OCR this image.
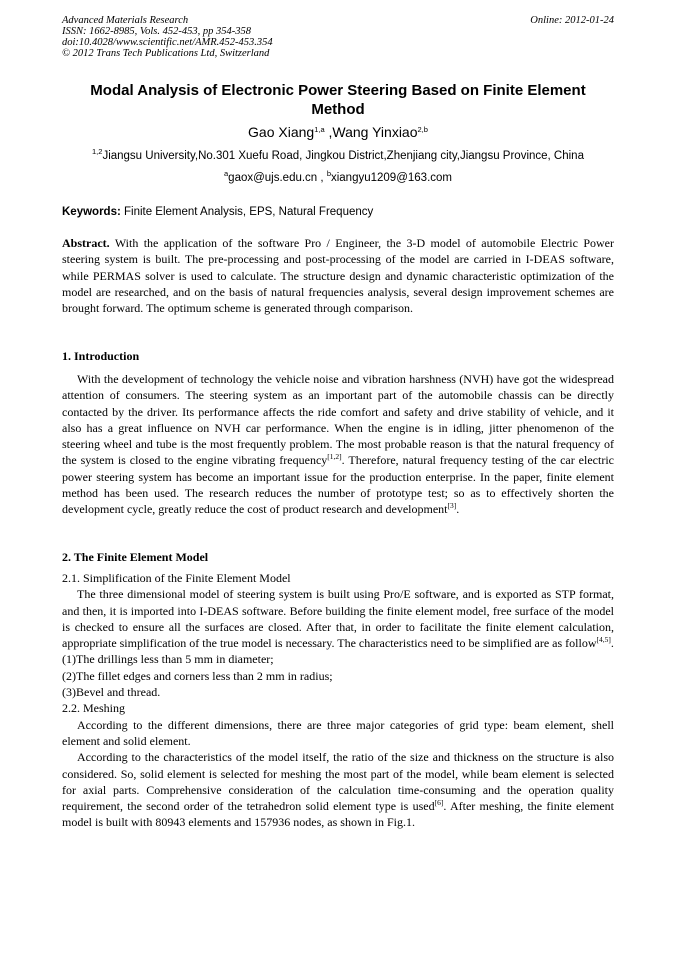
Advanced Materials Research
ISSN: 1662-8985, Vols. 452-453, pp 354-358
doi:10.4028/www.scientific.net/AMR.452-453.354
© 2012 Trans Tech Publications Ltd, Switzerland
Online: 2012-01-24
Modal Analysis of Electronic Power Steering Based on Finite Element Method
Gao Xiang$^{1,a}$ ,Wang Yinxiao$^{2,b}$
$^{1,2}$Jiangsu University,No.301 Xuefu Road, Jingkou District,Zhenjiang city,Jiangsu Province, China
$^a$gaox@ujs.edu.cn , $^b$xiangyu1209@163.com
Keywords: Finite Element Analysis, EPS, Natural Frequency
Abstract. With the application of the software Pro / Engineer, the 3-D model of automobile Electric Power steering system is built. The pre-processing and post-processing of the model are carried in I-DEAS software, while PERMAS solver is used to calculate. The structure design and dynamic characteristic optimization of the model are researched, and on the basis of natural frequencies analysis, several design improvement schemes are brought forward. The optimum scheme is generated through comparison.
1. Introduction
With the development of technology the vehicle noise and vibration harshness (NVH) have got the widespread attention of consumers. The steering system as an important part of the automobile chassis can be directly contacted by the driver. Its performance affects the ride comfort and safety and drive stability of vehicle, and it also has a great influence on NVH car performance. When the engine is in idling, jitter phenomenon of the steering wheel and tube is the most frequently problem. The most probable reason is that the natural frequency of the system is closed to the engine vibrating frequency[1,2]. Therefore, natural frequency testing of the car electric power steering system has become an important issue for the production enterprise. In the paper, finite element method has been used. The research reduces the number of prototype test; so as to effectively shorten the development cycle, greatly reduce the cost of product research and development[3].
2. The Finite Element Model

2.1. Simplification of the Finite Element Model

The three dimensional model of steering system is built using Pro/E software, and is exported as STP format, and then, it is imported into I-DEAS software. Before building the finite element model, free surface of the model is checked to ensure all the surfaces are closed. After that, in order to facilitate the finite element calculation, appropriate simplification of the true model is necessary. The characteristics need to be simplified are as follow[4,5].

(1)The drillings less than 5 mm in diameter;

(2)The fillet edges and corners less than 2 mm in radius;

(3)Bevel and thread.

2.2. Meshing

According to the different dimensions, there are three major categories of grid type: beam element, shell element and solid element.

According to the characteristics of the model itself, the ratio of the size and thickness on the structure is also considered. So, solid element is selected for meshing the most part of the model, while beam element is selected for axial parts. Comprehensive consideration of the calculation time-consuming and the operation quality requirement, the second order of the tetrahedron solid element type is used[6]. After meshing, the finite element model is built with 80943 elements and 157936 nodes, as shown in Fig.1.
